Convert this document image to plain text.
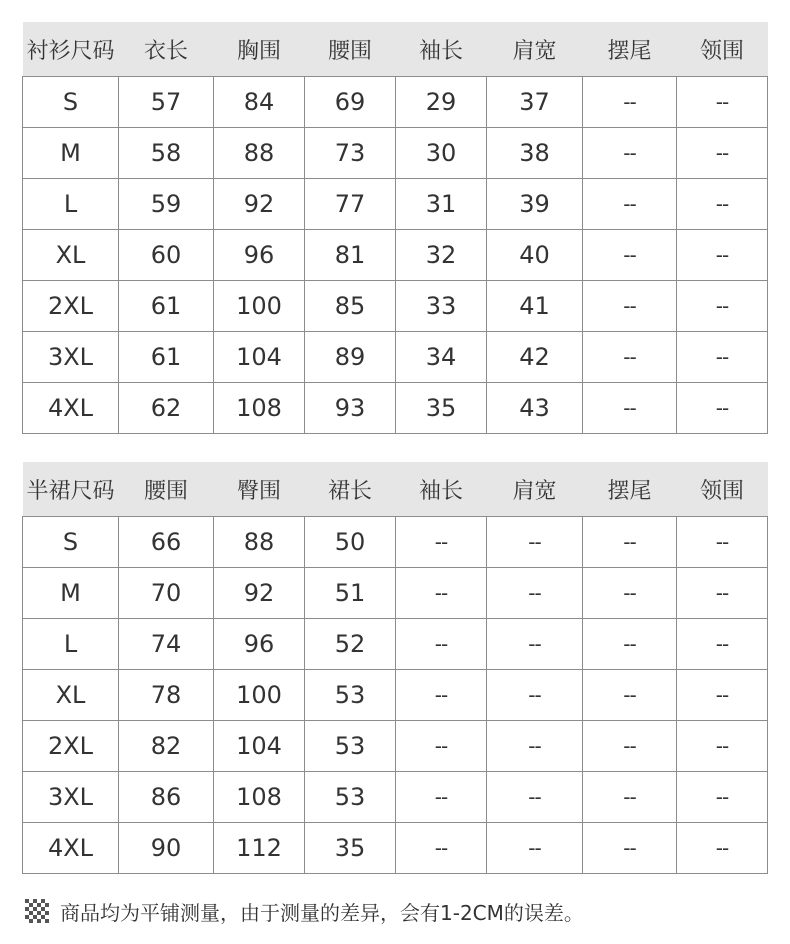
衬衫尺码	衣长	胸围	腰围	袖长	肩宽	摆尾	领围
S	57	84	69	29	37	--	--
M	58	88	73	30	38	--	--
L	59	92	77	31	39	--	--
XL	60	96	81	32	40	--	--
2XL	61	100	85	33	41	--	--
3XL	61	104	89	34	42	--	--
4XL	62	108	93	35	43	--	--
半裙尺码	腰围	臀围	裙长	袖长	肩宽	摆尾	领围
S	66	88	50	--	--	--	--
M	70	92	51	--	--	--	--
L	74	96	52	--	--	--	--
XL	78	100	53	--	--	--	--
2XL	82	104	53	--	--	--	--
3XL	86	108	53	--	--	--	--
4XL	90	112	35	--	--	--	--
商品均为平铺测量，由于测量的差异，会有1-2CM的误差。
